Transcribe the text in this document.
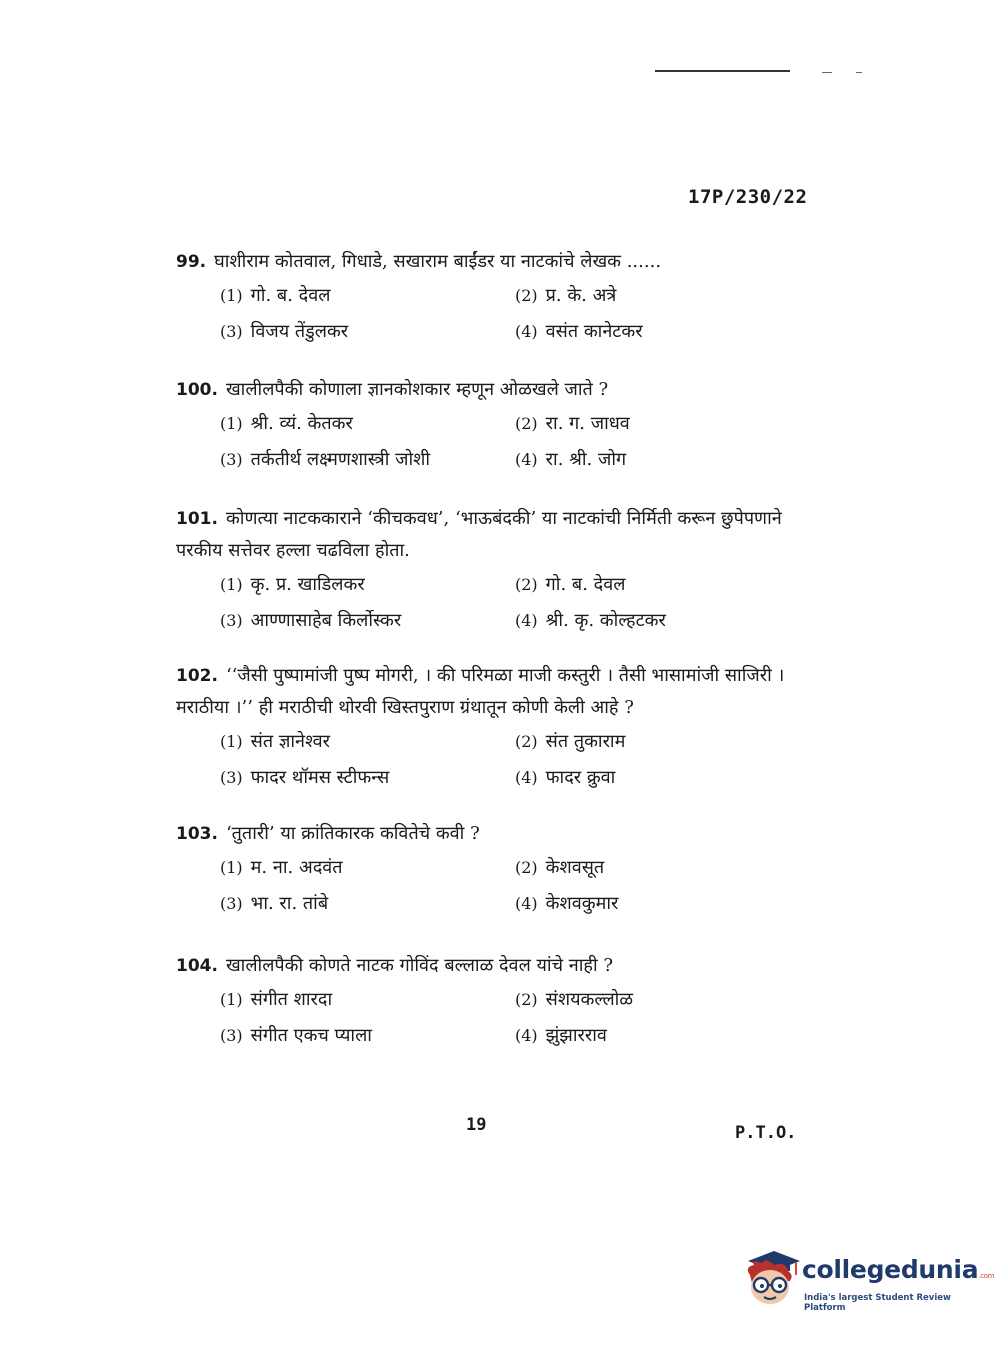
17P/230/22
99. घाशीराम कोतवाल, गिधाडे, सखाराम बाईंडर या नाटकांचे लेखक ......
(1) गो. ब. देवल	(2) प्र. के. अत्रे
(3) विजय तेंडुलकर	(4) वसंत कानेटकर
100. खालीलपैकी कोणाला ज्ञानकोशकार म्हणून ओळखले जाते ?
(1) श्री. व्यं. केतकर	(2) रा. ग. जाधव
(3) तर्कतीर्थ लक्ष्मणशास्त्री जोशी	(4) रा. श्री. जोग
101. कोणत्या नाटककाराने ‘कीचकवध’, ‘भाऊबंदकी’ या नाटकांची निर्मिती करून छुपेपणाने परकीय सत्तेवर हल्ला चढविला होता.
(1) कृ. प्र. खाडिलकर	(2) गो. ब. देवल
(3) आण्णासाहेब किर्लोस्कर	(4) श्री. कृ. कोल्हटकर
102. ‘‘जैसी पुष्पामांजी पुष्प मोगरी, । की परिमळा माजी कस्तुरी । तैसी भासामांजी साजिरी । मराठीया ।’’ ही मराठीची थोरवी खिस्तपुराण ग्रंथातून कोणी केली आहे ?
(1) संत ज्ञानेश्वर	(2) संत तुकाराम
(3) फादर थॉमस स्टीफन्स	(4) फादर क्रुवा
103. ‘तुतारी’ या क्रांतिकारक कवितेचे कवी ?
(1) म. ना. अदवंत	(2) केशवसूत
(3) भा. रा. तांबे	(4) केशवकुमार
104. खालीलपैकी कोणते नाटक गोविंद बल्लाळ देवल यांचे नाही ?
(1) संगीत शारदा	(2) संशयकल्लोळ
(3) संगीत एकच प्याला	(4) झुंझारराव
19	P.T.O.
collegedunia.com
India's largest Student Review Platform
